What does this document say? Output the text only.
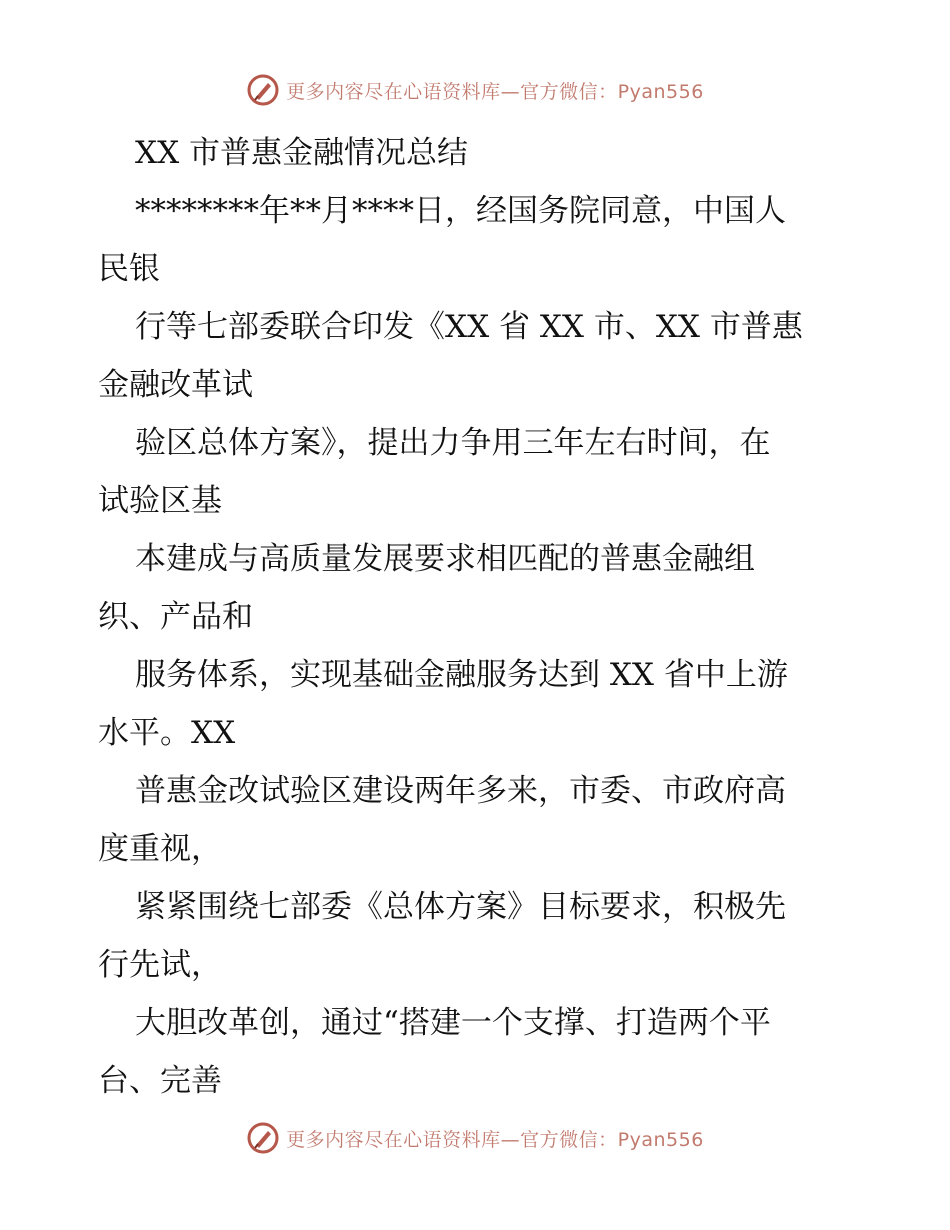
更多内容尽在心语资料库—官方微信：Pyan556
XX 市普惠金融情况总结
********年**月****日，经国务院同意，中国人
民银
行等七部委联合印发《XX 省 XX 市、XX 市普惠
金融改革试
验区总体方案》，提出力争用三年左右时间，在
试验区基
本建成与高质量发展要求相匹配的普惠金融组
织、产品和
服务体系，实现基础金融服务达到 XX 省中上游
水平。XX
普惠金改试验区建设两年多来，市委、市政府高
度重视，
紧紧围绕七部委《总体方案》目标要求，积极先
行先试，
大胆改革创，通过“搭建一个支撑、打造两个平
台、完善
更多内容尽在心语资料库—官方微信：Pyan556
